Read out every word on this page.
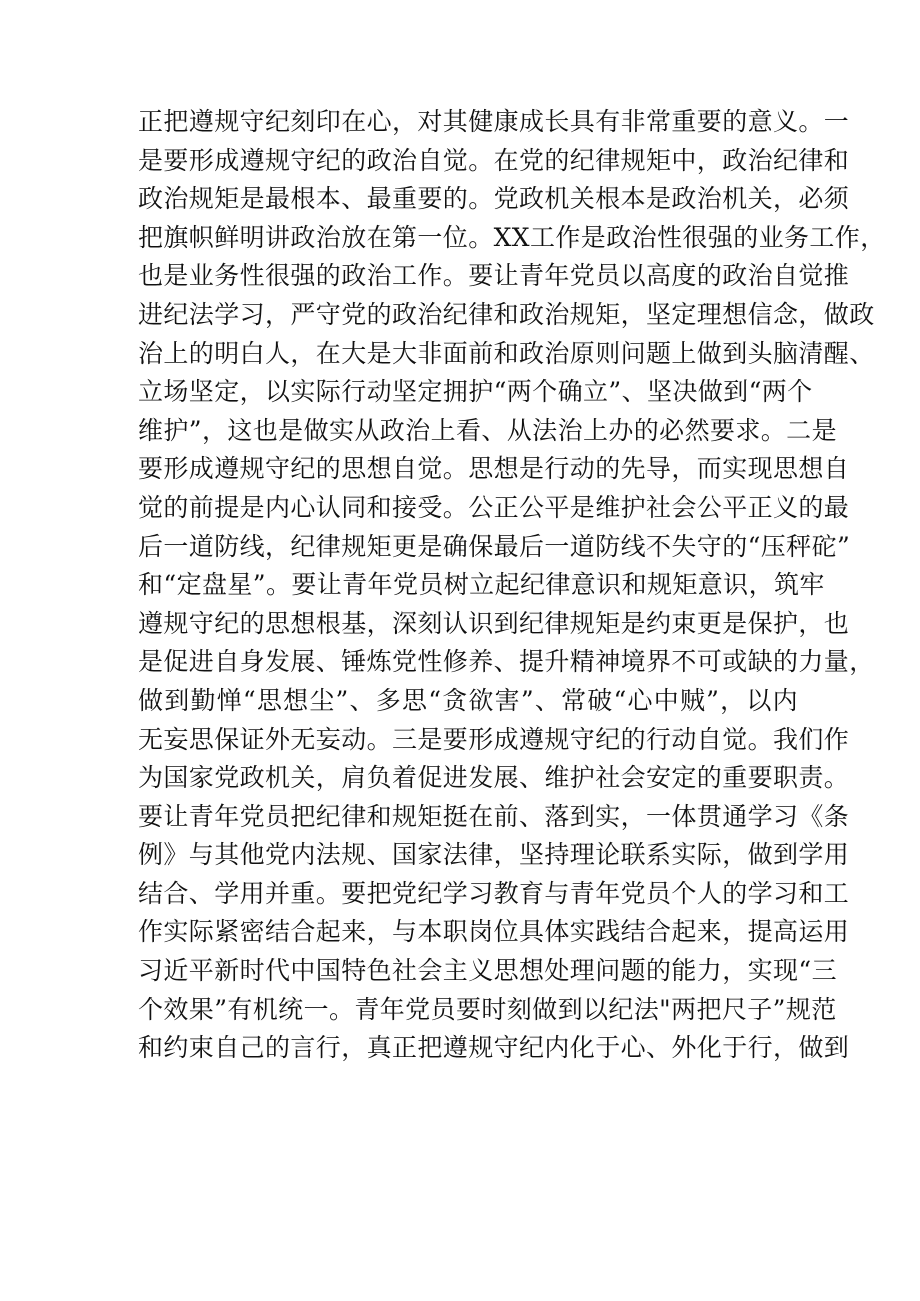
正把遵规守纪刻印在心，对其健康成长具有非常重要的意义。一
是要形成遵规守纪的政治自觉。在党的纪律规矩中，政治纪律和
政治规矩是最根本、最重要的。党政机关根本是政治机关，必须
把旗帜鲜明讲政治放在第一位。XX工作是政治性很强的业务工作，
也是业务性很强的政治工作。要让青年党员以高度的政治自觉推
进纪法学习，严守党的政治纪律和政治规矩，坚定理想信念，做政
治上的明白人，在大是大非面前和政治原则问题上做到头脑清醒、
立场坚定，以实际行动坚定拥护“两个确立”、坚决做到“两个
维护”，这也是做实从政治上看、从法治上办的必然要求。二是
要形成遵规守纪的思想自觉。思想是行动的先导，而实现思想自
觉的前提是内心认同和接受。公正公平是维护社会公平正义的最
后一道防线，纪律规矩更是确保最后一道防线不失守的“压秤砣”
和“定盘星”。要让青年党员树立起纪律意识和规矩意识，筑牢
遵规守纪的思想根基，深刻认识到纪律规矩是约束更是保护，也
是促进自身发展、锤炼党性修养、提升精神境界不可或缺的力量，
做到勤惮“思想尘”、多思“贪欲害”、常破“心中贼”，以内
无妄思保证外无妄动。三是要形成遵规守纪的行动自觉。我们作
为国家党政机关，肩负着促进发展、维护社会安定的重要职责。
要让青年党员把纪律和规矩挺在前、落到实，一体贯通学习《条
例》与其他党内法规、国家法律，坚持理论联系实际，做到学用
结合、学用并重。要把党纪学习教育与青年党员个人的学习和工
作实际紧密结合起来，与本职岗位具体实践结合起来，提高运用
习近平新时代中国特色社会主义思想处理问题的能力，实现“三
个效果”有机统一。青年党员要时刻做到以纪法"两把尺子”规范
和约束自己的言行，真正把遵规守纪内化于心、外化于行，做到
